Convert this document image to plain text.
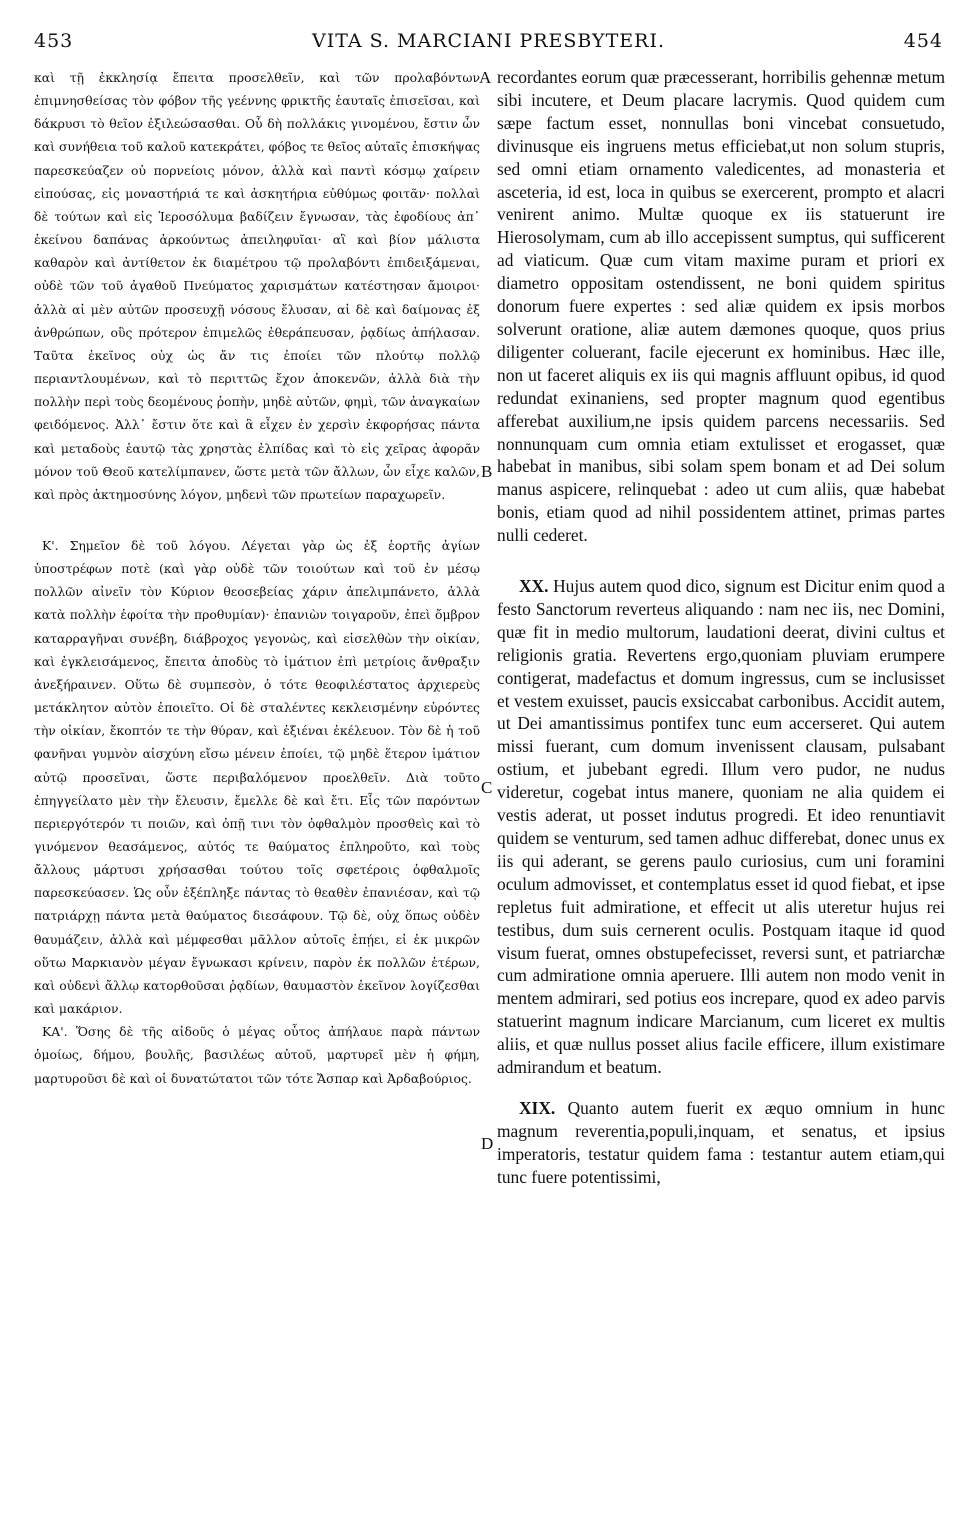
453	VITA S. MARCIANI PRESBYTERI.	454

καὶ τῇ ἐκκλησίᾳ ἔπειτα προσελθεῖν, καὶ τῶν προλαβόντων ἐπιμνησθείσας τὸν φόβον τῆς γεέννης φρικτῆς ἑαυταῖς ἐπισεῖσαι, καὶ δάκρυσι τὸ θεῖον ἐξιλεώσασθαι. Οὗ δὴ πολλάκις γινομένου, ἔστιν ὧν καὶ συνήθεια τοῦ καλοῦ κατεκράτει, φόβος τε θεῖος αὐταῖς ἐπισκήψας παρεσκεύαζεν οὐ πορνείοις μόνον, ἀλλὰ καὶ παντὶ κόσμῳ χαίρειν εἰπούσας, εἰς μοναστήριά τε καὶ ἀσκητήρια εὐθύμως φοιτᾶν· πολλαὶ δὲ τούτων καὶ εἰς Ἱεροσόλυμα βαδίζειν ἔγνωσαν, τὰς ἐφοδίους ἀπ᾽ ἐκείνου δαπάνας ἀρκούντως ἀπειληφυῖαι· αἳ καὶ βίον μάλιστα καθαρὸν καὶ ἀντίθετον ἐκ διαμέτρου τῷ προλαβόντι ἐπιδειξάμεναι, οὐδὲ τῶν τοῦ ἀγαθοῦ Πνεύματος χαρισμάτων κατέστησαν ἄμοιροι· ἀλλὰ αἱ μὲν αὐτῶν προσευχῇ νόσους ἔλυσαν, αἱ δὲ καὶ δαίμονας ἐξ ἀνθρώπων, οὓς πρότερον ἐπιμελῶς ἐθεράπευσαν, ῥᾳδίως ἀπήλασαν. Ταῦτα ἐκεῖνος οὐχ ὡς ἄν τις ἐποίει τῶν πλούτῳ πολλῷ περιαντλουμένων, καὶ τὸ περιττῶς ἔχον ἀποκενῶν, ἀλλὰ διὰ τὴν πολλὴν περὶ τοὺς δεομένους ῥοπὴν, μηδὲ αὐτῶν, φημὶ, τῶν ἀναγκαίων φειδόμενος. Ἀλλ᾽ ἔστιν ὅτε καὶ ἃ εἶχεν ἐν χερσὶν ἐκφορήσας πάντα καὶ μεταδοὺς ἑαυτῷ τὰς χρηστὰς ἐλπίδας καὶ τὸ εἰς χεῖρας ἀφορᾶν μόνον τοῦ Θεοῦ κατελίμπανεν, ὥστε μετὰ τῶν ἄλλων, ὧν εἶχε καλῶν, καὶ πρὸς ἀκτημοσύνης λόγον, μηδενὶ τῶν πρωτείων παραχωρεῖν.

Κ'. Σημεῖον δὲ τοῦ λόγου. Λέγεται γὰρ ὡς ἐξ ἑορτῆς ἁγίων ὑποστρέφων ποτὲ (καὶ γὰρ οὐδὲ τῶν τοιούτων καὶ τοῦ ἐν μέσῳ πολλῶν αἰνεῖν τὸν Κύριον θεοσεβείας χάριν ἀπελιμπάνετο, ἀλλὰ κατὰ πολλὴν ἐφοίτα τὴν προθυμίαν)· ἐπανιὼν τοιγαροῦν, ἐπεὶ ὄμβρον καταρραγῆναι συνέβη, διάβροχος γεγονὼς, καὶ εἰσελθὼν τὴν οἰκίαν, καὶ ἐγκλεισάμενος, ἔπειτα ἀποδὺς τὸ ἱμάτιον ἐπὶ μετρίοις ἄνθραξιν ἀνεξήραινεν. Οὕτω δὲ συμπεσὸν, ὁ τότε θεοφιλέστατος ἀρχιερεὺς μετάκλητον αὐτὸν ἐποιεῖτο. Οἱ δὲ σταλέντες κεκλεισμένην εὑρόντες τὴν οἰκίαν, ἔκοπτόν τε τὴν θύραν, καὶ ἐξιέναι ἐκέλευον. Τὸν δὲ ἡ τοῦ φανῆναι γυμνὸν αἰσχύνη εἴσω μένειν ἐποίει, τῷ μηδὲ ἕτερον ἱμάτιον αὐτῷ προσεῖναι, ὥστε περιβαλόμενον προελθεῖν. Διὰ τοῦτο ἐπηγγείλατο μὲν τὴν ἔλευσιν, ἔμελλε δὲ καὶ ἔτι. Εἷς τῶν παρόντων περιεργότερόν τι ποιῶν, καὶ ὀπῇ τινι τὸν ὀφθαλμὸν προσθεὶς καὶ τὸ γινόμενον θεασάμενος, αὐτός τε θαύματος ἐπληροῦτο, καὶ τοὺς ἄλλους μάρτυσι χρήσασθαι τούτου τοῖς σφετέροις ὀφθαλμοῖς παρεσκεύασεν. Ὡς οὖν ἐξέπληξε πάντας τὸ θεαθὲν ἐπανιέσαν, καὶ τῷ πατριάρχῃ πάντα μετὰ θαύματος διεσάφουν. Τῷ δὲ, οὐχ ὅπως οὐδὲν θαυμάζειν, ἀλλὰ καὶ μέμφεσθαι μᾶλλον αὐτοῖς ἐπῄει, εἰ ἐκ μικρῶν οὕτω Μαρκιανὸν μέγαν ἔγνωκασι κρίνειν, παρὸν ἐκ πολλῶν ἑτέρων, καὶ οὐδενὶ ἄλλῳ κατορθοῦσαι ῥᾳδίων, θαυμαστὸν ἐκεῖνον λογίζεσθαι καὶ μακάριον.

ΚΑ'. Ὅσης δὲ τῆς αἰδοῦς ὁ μέγας οὗτος ἀπήλαυε παρὰ πάντων ὁμοίως, δήμου, βουλῆς, βασιλέως αὐτοῦ, μαρτυρεῖ μὲν ἡ φήμη, μαρτυροῦσι δὲ καὶ οἱ δυνατώτατοι τῶν τότε Ἄσπαρ καὶ Ἀρδαβούριος.

recordantes eorum quæ præcesserant, horribilis gehennæ metum sibi incutere, et Deum placare lacrymis. Quod quidem cum sæpe factum esset, nonnullas boni vincebat consuetudo, divinusque eis ingruens metus efficiebat,ut non solum stupris, sed omni etiam ornamento valedicentes, ad monasteria et asceteria, id est, loca in quibus se exercerent, prompto et alacri venirent animo. Multæ quoque ex iis statuerunt ire Hierosolymam, cum ab illo accepissent sumptus, qui sufficerent ad viaticum. Quæ cum vitam maxime puram et priori ex diametro oppositam ostendissent, ne boni quidem spiritus donorum fuere expertes : sed aliæ quidem ex ipsis morbos solverunt oratione, aliæ autem dæmones quoque, quos prius diligenter coluerant, facile ejecerunt ex hominibus. Hæc ille, non ut faceret aliquis ex iis qui magnis affluunt opibus, id quod redundat exinaniens, sed propter magnum quod egentibus afferebat auxilium,ne ipsis quidem parcens necessariis. Sed nonnunquam cum omnia etiam extulisset et erogasset, quæ habebat in manibus, sibi solam spem bonam et ad Dei solum manus aspicere, relinquebat : adeo ut cum aliis, quæ habebat bonis, etiam quod ad nihil possidentem attinet, primas partes nulli cederet.

XX. Hujus autem quod dico, signum est Dicitur enim quod a festo Sanctorum reverteus aliquando : nam nec iis, nec Domini, quæ fit in medio multorum, laudationi deerat, divini cultus et religionis gratia. Revertens ergo,quoniam pluviam erumpere contigerat, madefactus et domum ingressus, cum se inclusisset et vestem exuisset, paucis exsiccabat carbonibus. Accidit autem, ut Dei amantissimus pontifex tunc eum accerseret. Qui autem missi fuerant, cum domum invenissent clausam, pulsabant ostium, et jubebant egredi. Illum vero pudor, ne nudus videretur, cogebat intus manere, quoniam ne alia quidem ei vestis aderat, ut posset indutus progredi. Et ideo renuntiavit quidem se venturum, sed tamen adhuc differebat, donec unus ex iis qui aderant, se gerens paulo curiosius, cum uni foramini oculum admovisset, et contemplatus esset id quod fiebat, et ipse repletus fuit admiratione, et effecit ut alis uteretur hujus rei testibus, dum suis cernerent oculis. Postquam itaque id quod visum fuerat, omnes obstupefecisset, reversi sunt, et patriarchæ cum admiratione omnia aperuere. Illi autem non modo venit in mentem admirari, sed potius eos increpare, quod ex adeo parvis statuerint magnum indicare Marcianum, cum liceret ex multis aliis, et quæ nullus posset alius facile efficere, illum existimare admirandum et beatum.

XIX. Quanto autem fuerit ex æquo omnium in hunc magnum reverentia,populi,inquam, et senatus, et ipsius imperatoris, testatur quidem fama : testantur autem etiam,qui tunc fuere potentissimi,

A
B
C
D
